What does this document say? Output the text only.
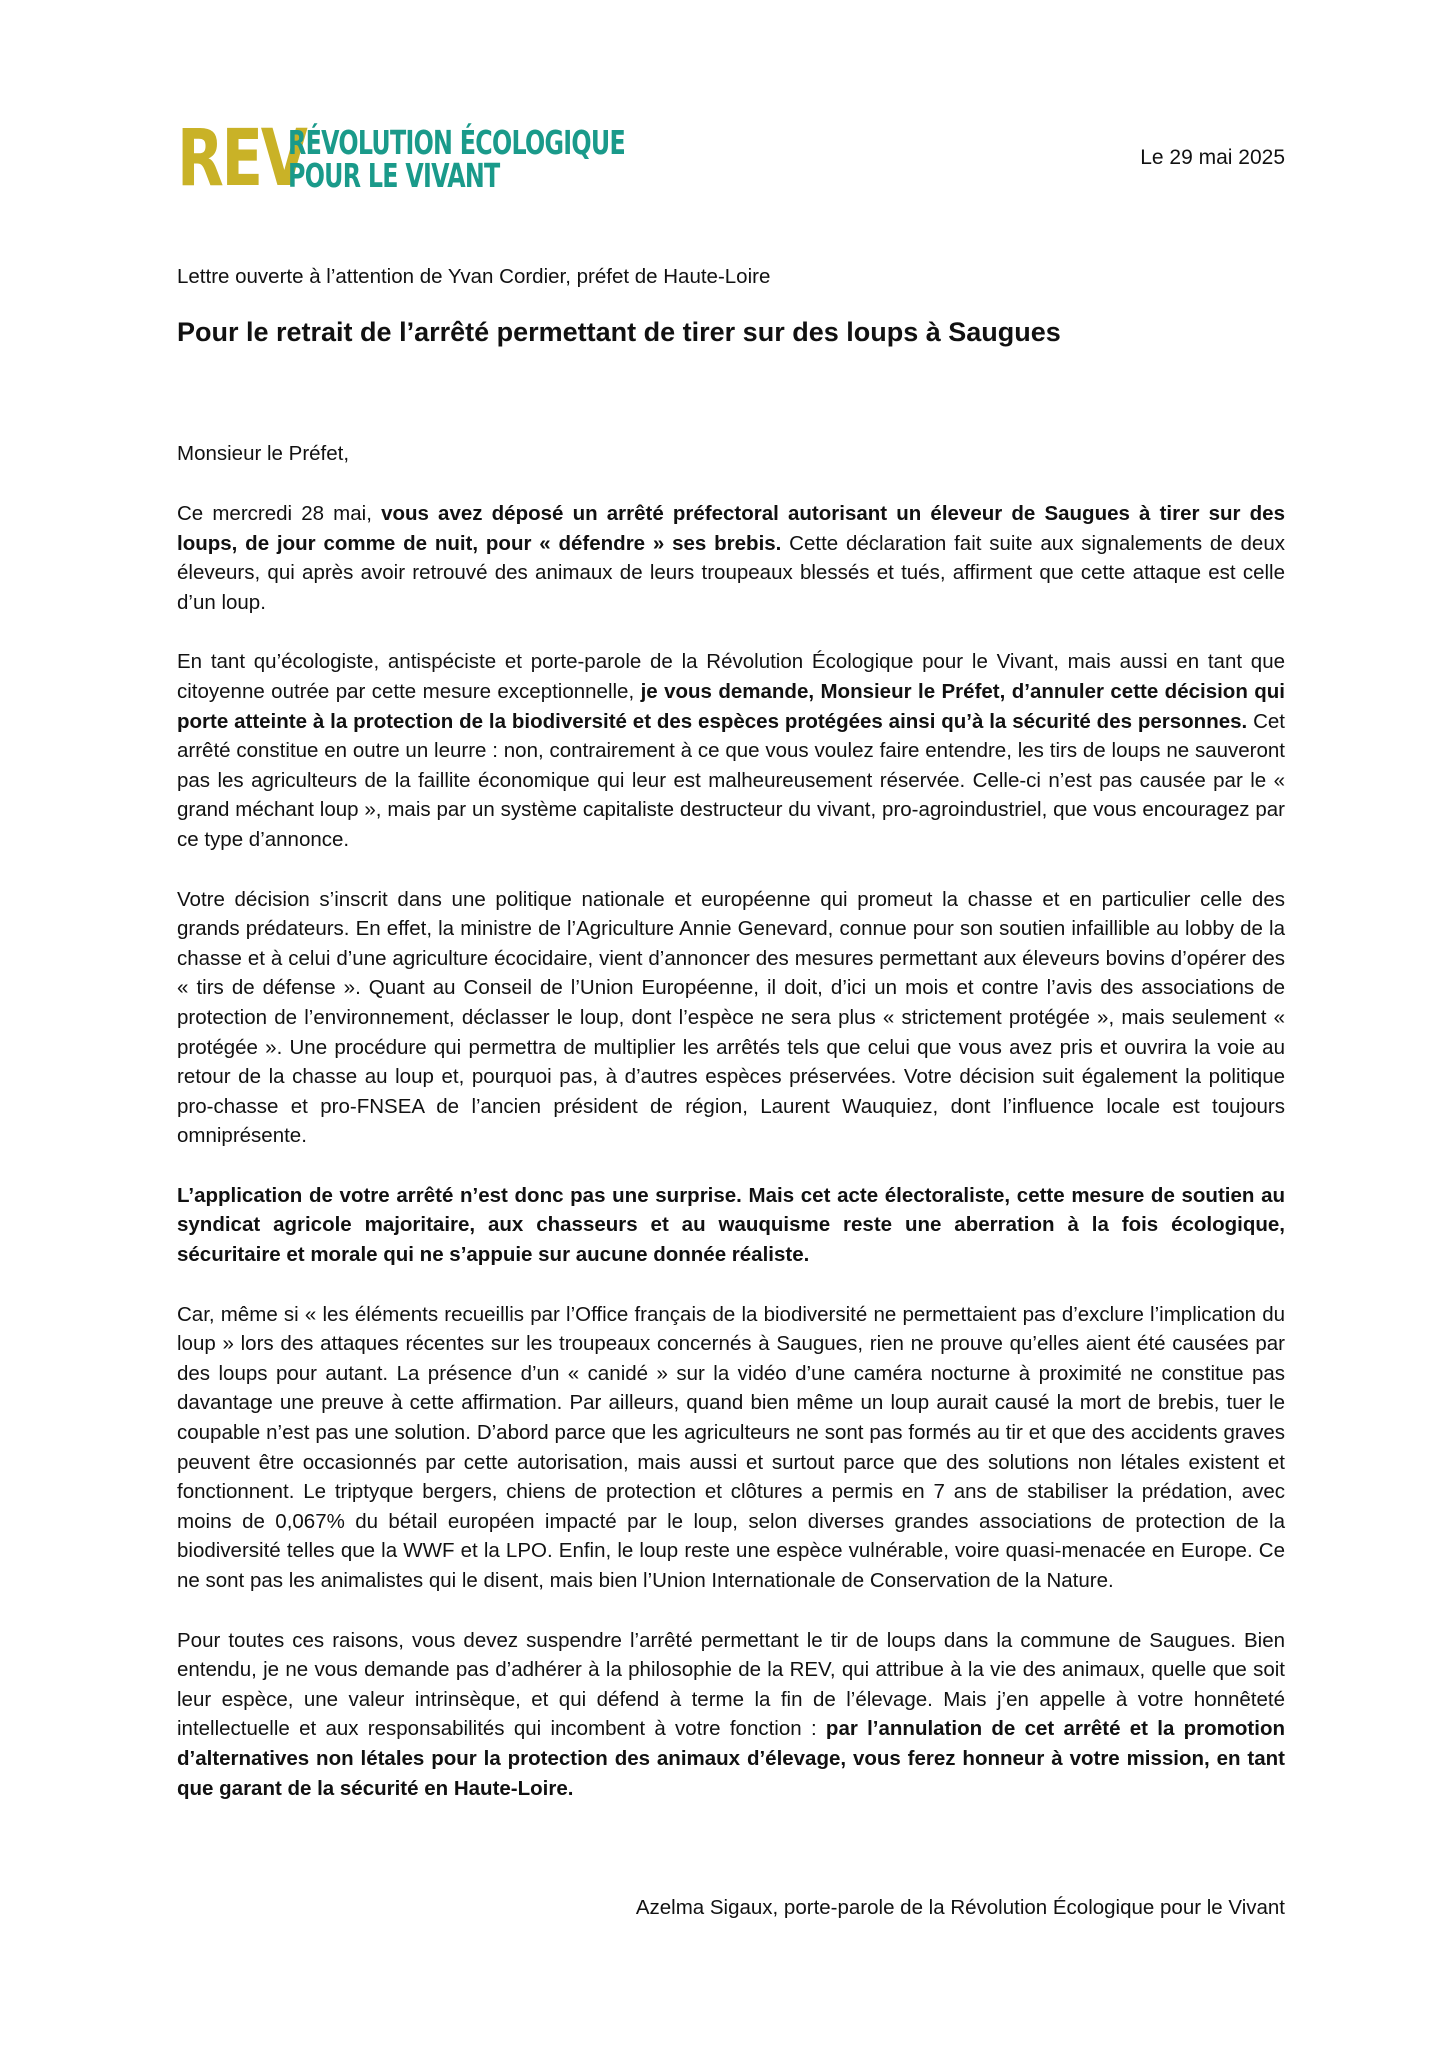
REV
RÉVOLUTION ÉCOLOGIQUE
POUR LE VIVANT	Le 29 mai 2025

Lettre ouverte à l’attention de Yvan Cordier, préfet de Haute-Loire

Pour le retrait de l’arrêté permettant de tirer sur des loups à Saugues

Monsieur le Préfet,

Ce mercredi 28 mai, vous avez déposé un arrêté préfectoral autorisant un éleveur de Saugues à tirer sur des loups, de jour comme de nuit, pour « défendre » ses brebis. Cette déclaration fait suite aux signalements de deux éleveurs, qui après avoir retrouvé des animaux de leurs troupeaux blessés et tués, affirment que cette attaque est celle d’un loup.

En tant qu’écologiste, antispéciste et porte-parole de la Révolution Écologique pour le Vivant, mais aussi en tant que citoyenne outrée par cette mesure exceptionnelle, je vous demande, Monsieur le Préfet, d’annuler cette décision qui porte atteinte à la protection de la biodiversité et des espèces protégées ainsi qu’à la sécurité des personnes. Cet arrêté constitue en outre un leurre : non, contrairement à ce que vous voulez faire entendre, les tirs de loups ne sauveront pas les agriculteurs de la faillite économique qui leur est malheureusement réservée. Celle-ci n’est pas causée par le « grand méchant loup », mais par un système capitaliste destructeur du vivant, pro-agroindustriel, que vous encouragez par ce type d’annonce.

Votre décision s’inscrit dans une politique nationale et européenne qui promeut la chasse et en particulier celle des grands prédateurs. En effet, la ministre de l’Agriculture Annie Genevard, connue pour son soutien infaillible au lobby de la chasse et à celui d’une agriculture écocidaire, vient d’annoncer des mesures permettant aux éleveurs bovins d’opérer des « tirs de défense ». Quant au Conseil de l’Union Européenne, il doit, d’ici un mois et contre l’avis des associations de protection de l’environnement, déclasser le loup, dont l’espèce ne sera plus « strictement protégée », mais seulement « protégée ». Une procédure qui permettra de multiplier les arrêtés tels que celui que vous avez pris et ouvrira la voie au retour de la chasse au loup et, pourquoi pas, à d’autres espèces préservées. Votre décision suit également la politique pro-chasse et pro-FNSEA de l’ancien président de région, Laurent Wauquiez, dont l’influence locale est toujours omniprésente.

L’application de votre arrêté n’est donc pas une surprise. Mais cet acte électoraliste, cette mesure de soutien au syndicat agricole majoritaire, aux chasseurs et au wauquisme reste une aberration à la fois écologique, sécuritaire et morale qui ne s’appuie sur aucune donnée réaliste.

Car, même si « les éléments recueillis par l’Office français de la biodiversité ne permettaient pas d’exclure l’implication du loup » lors des attaques récentes sur les troupeaux concernés à Saugues, rien ne prouve qu’elles aient été causées par des loups pour autant. La présence d’un « canidé » sur la vidéo d’une caméra nocturne à proximité ne constitue pas davantage une preuve à cette affirmation. Par ailleurs, quand bien même un loup aurait causé la mort de brebis, tuer le coupable n’est pas une solution. D’abord parce que les agriculteurs ne sont pas formés au tir et que des accidents graves peuvent être occasionnés par cette autorisation, mais aussi et surtout parce que des solutions non létales existent et fonctionnent. Le triptyque bergers, chiens de protection et clôtures a permis en 7 ans de stabiliser la prédation, avec moins de 0,067% du bétail européen impacté par le loup, selon diverses grandes associations de protection de la biodiversité telles que la WWF et la LPO. Enfin, le loup reste une espèce vulnérable, voire quasi-menacée en Europe. Ce ne sont pas les animalistes qui le disent, mais bien l’Union Internationale de Conservation de la Nature.

Pour toutes ces raisons, vous devez suspendre l’arrêté permettant le tir de loups dans la commune de Saugues. Bien entendu, je ne vous demande pas d’adhérer à la philosophie de la REV, qui attribue à la vie des animaux, quelle que soit leur espèce, une valeur intrinsèque, et qui défend à terme la fin de l’élevage. Mais j’en appelle à votre honnêteté intellectuelle et aux responsabilités qui incombent à votre fonction : par l’annulation de cet arrêté et la promotion d’alternatives non létales pour la protection des animaux d’élevage, vous ferez honneur à votre mission, en tant que garant de la sécurité en Haute-Loire.

Azelma Sigaux, porte-parole de la Révolution Écologique pour le Vivant
